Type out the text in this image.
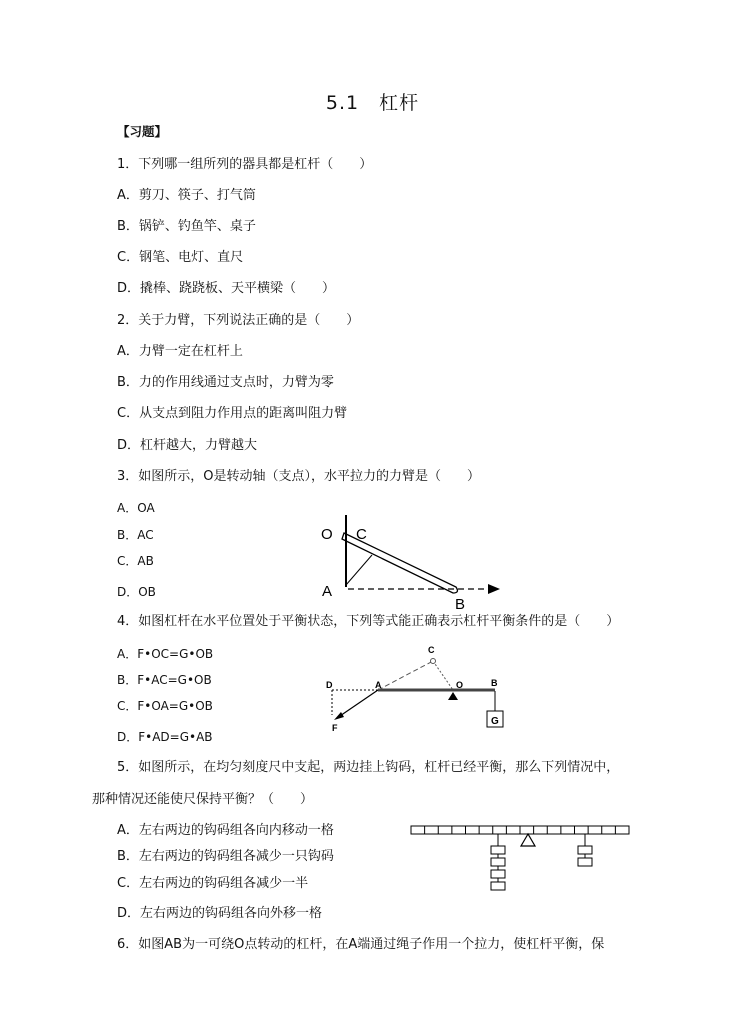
5.1　杠杆
【习题】
1．下列哪一组所列的器具都是杠杆（　　）
A．剪刀、筷子、打气筒
B．锅铲、钓鱼竿、桌子
C．钢笔、电灯、直尺
D．撬棒、跷跷板、天平横梁（　　）
2．关于力臂，下列说法正确的是（　　）
A．力臂一定在杠杆上
B．力的作用线通过支点时，力臂为零
C．从支点到阻力作用点的距离叫阻力臂
D．杠杆越大，力臂越大
3．如图所示，O是转动轴（支点），水平拉力的力臂是（　　）
A．OA
B．AC
C．AB
D．OB
O C
A
B
4．如图杠杆在水平位置处于平衡状态，下列等式能正确表示杠杆平衡条件的是（　　）
A．F•OC=G•OB
B．F•AC=G•OB
C．F•OA=G•OB
D．F•AD=G•AB
G
C
D	A	O	B
F
5．如图所示，在均匀刻度尺中支起，两边挂上钩码，杠杆已经平衡，那么下列情况中，
那种情况还能使尺保持平衡？（　　）
A．左右两边的钩码组各向内移动一格
B．左右两边的钩码组各减少一只钩码
C．左右两边的钩码组各减少一半
D．左右两边的钩码组各向外移一格
6．如图AB为一可绕O点转动的杠杆，在A端通过绳子作用一个拉力，使杠杆平衡，保
